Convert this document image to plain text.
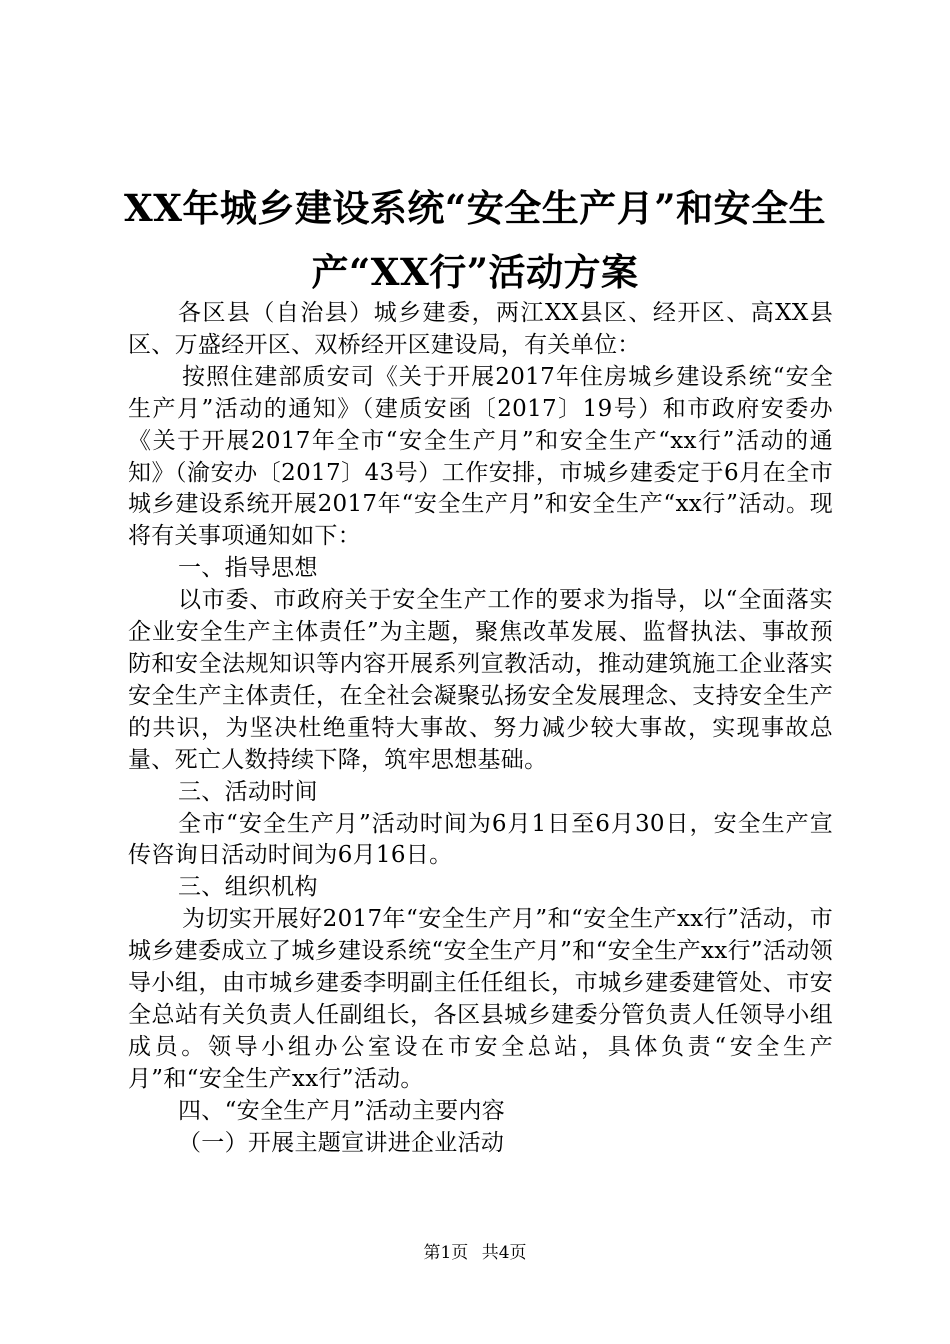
XX年城乡建设系统“安全生产月”和安全生
产“XX行”活动方案

各区县（自治县）城乡建委，两江XX县区、经开区、高XX县区、万盛经开区、双桥经开区建设局，有关单位：

按照住建部质安司《关于开展2017年住房城乡建设系统“安全生产月”活动的通知》（建质安函〔2017〕19号）和市政府安委办《关于开展2017年全市“安全生产月”和安全生产“xx行”活动的通知》（渝安办〔2017〕43号）工作安排，市城乡建委定于6月在全市城乡建设系统开展2017年“安全生产月”和安全生产“xx行”活动。现将有关事项通知如下：

一、指导思想

以市委、市政府关于安全生产工作的要求为指导，以“全面落实企业安全生产主体责任”为主题，聚焦改革发展、监督执法、事故预防和安全法规知识等内容开展系列宣教活动，推动建筑施工企业落实安全生产主体责任，在全社会凝聚弘扬安全发展理念、支持安全生产的共识，为坚决杜绝重特大事故、努力减少较大事故，实现事故总量、死亡人数持续下降，筑牢思想基础。

三、活动时间

全市“安全生产月”活动时间为6月1日至6月30日，安全生产宣传咨询日活动时间为6月16日。

三、组织机构

为切实开展好2017年“安全生产月”和“安全生产xx行”活动，市城乡建委成立了城乡建设系统“安全生产月”和“安全生产xx行”活动领导小组，由市城乡建委李明副主任任组长，市城乡建委建管处、市安全总站有关负责人任副组长，各区县城乡建委分管负责人任领导小组成员。领导小组办公室设在市安全总站，具体负责“安全生产月”和“安全生产xx行”活动。

四、“安全生产月”活动主要内容

（一）开展主题宣讲进企业活动

第1页 共4页
